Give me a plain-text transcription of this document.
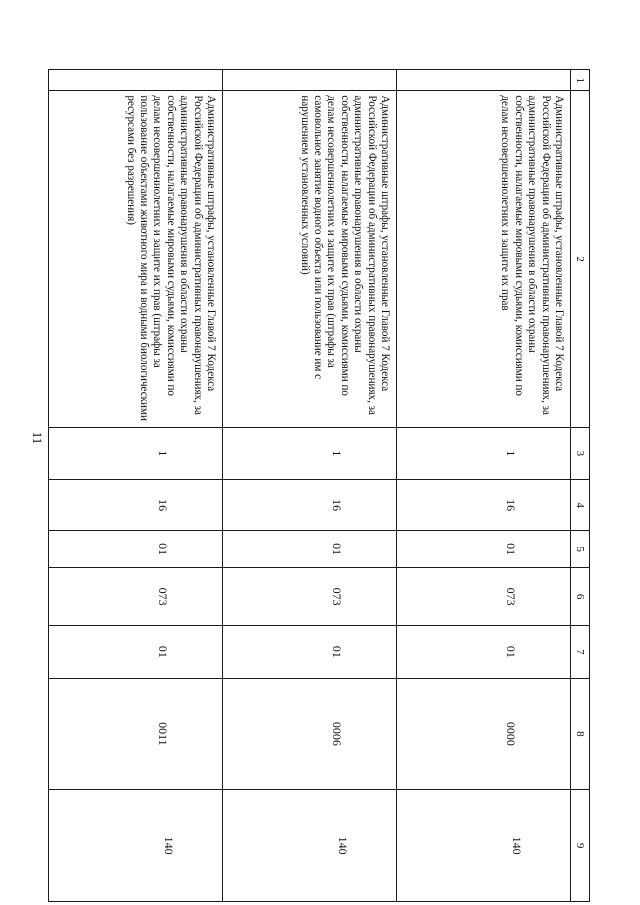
11
1	2	3	4	5	6	7	8	9
	Административные штрафы, установленные Главой 7 Кодекса Российской Федерации об административных правонарушениях, за административные правонарушения в области охраны собственности, налагаемые мировыми судьями, комиссиями по делам несовершеннолетних и защите их прав	1	16	01	073	01	0000	140
	Административные штрафы, установленные Главой 7 Кодекса Российской Федерации об административных правонарушениях, за административные правонарушения в области охраны собственности, налагаемые мировыми судьями, комиссиями по делам несовершеннолетних и защите их прав (штрафы за самовольное занятие водного объекта или пользование им с нарушением установленных условий)	1	16	01	073	01	0006	140
	Административные штрафы, установленные Главой 7 Кодекса Российской Федерации об административных правонарушениях, за административные правонарушения в области охраны собственности, налагаемые мировыми судьями, комиссиями по делам несовершеннолетних и защите их прав (штрафы за пользование объектами животного мира и водными биологическими ресурсами без разрешения)	1	16	01	073	01	0011	140
